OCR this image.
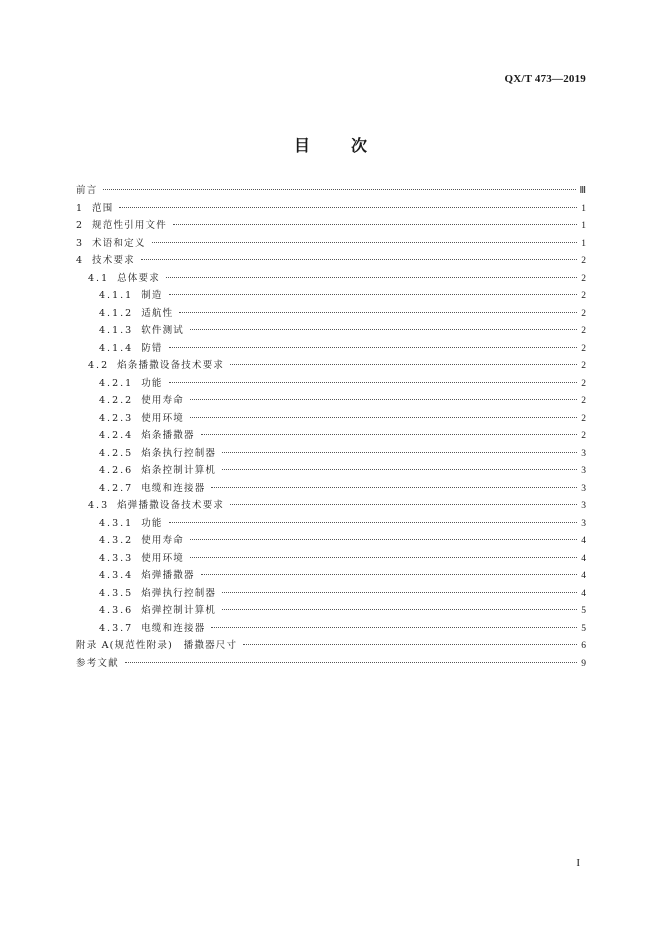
QX/T 473—2019
目	次
前言	Ⅲ
1 范围	1
2 规范性引用文件	1
3 术语和定义	1
4 技术要求	2
4.1 总体要求	2
4.1.1 制造	2
4.1.2 适航性	2
4.1.3 软件测试	2
4.1.4 防错	2
4.2 焰条播撒设备技术要求	2
4.2.1 功能	2
4.2.2 使用寿命	2
4.2.3 使用环境	2
4.2.4 焰条播撒器	2
4.2.5 焰条执行控制器	3
4.2.6 焰条控制计算机	3
4.2.7 电缆和连接器	3
4.3 焰弹播撒设备技术要求	3
4.3.1 功能	3
4.3.2 使用寿命	4
4.3.3 使用环境	4
4.3.4 焰弹播撒器	4
4.3.5 焰弹执行控制器	4
4.3.6 焰弹控制计算机	5
4.3.7 电缆和连接器	5
附录 A(规范性附录)　播撒器尺寸	6
参考文献	9
I
